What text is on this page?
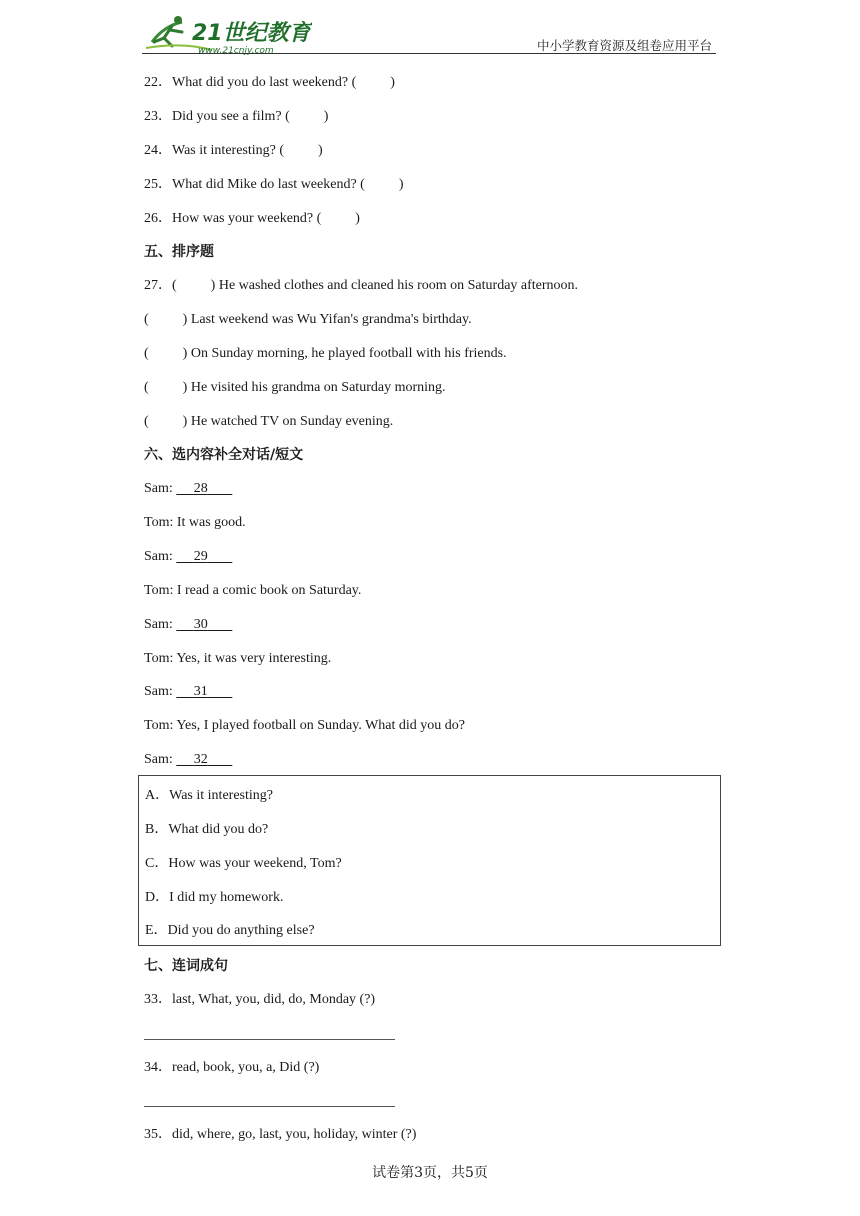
21世纪教育
www.21cnjy.com	中小学教育资源及组卷应用平台
22．What did you do last weekend? ( )
23．Did you see a film? ( )
24．Was it interesting? ( )
25．What did Mike do last weekend? ( )
26．How was your weekend? ( )
五、排序题
27．( ) He washed clothes and cleaned his room on Saturday afternoon.
( ) Last weekend was Wu Yifan's grandma's birthday.
( ) On Sunday morning, he played football with his friends.
( ) He visited his grandma on Saturday morning.
( ) He watched TV on Sunday evening.
六、选内容补全对话/短文
Sam: 28
Tom: It was good.
Sam: 29
Tom: I read a comic book on Saturday.
Sam: 30
Tom: Yes, it was very interesting.
Sam: 31
Tom: Yes, I played football on Sunday. What did you do?
Sam: 32
A．Was it interesting?
B．What did you do?
C．How was your weekend, Tom?
D．I did my homework.
E．Did you do anything else?
七、连词成句
33．last, What, you, did, do, Monday (?)
34．read, book, you, a, Did (?)
35．did, where, go, last, you, holiday, winter (?)
试卷第3页，共5页
